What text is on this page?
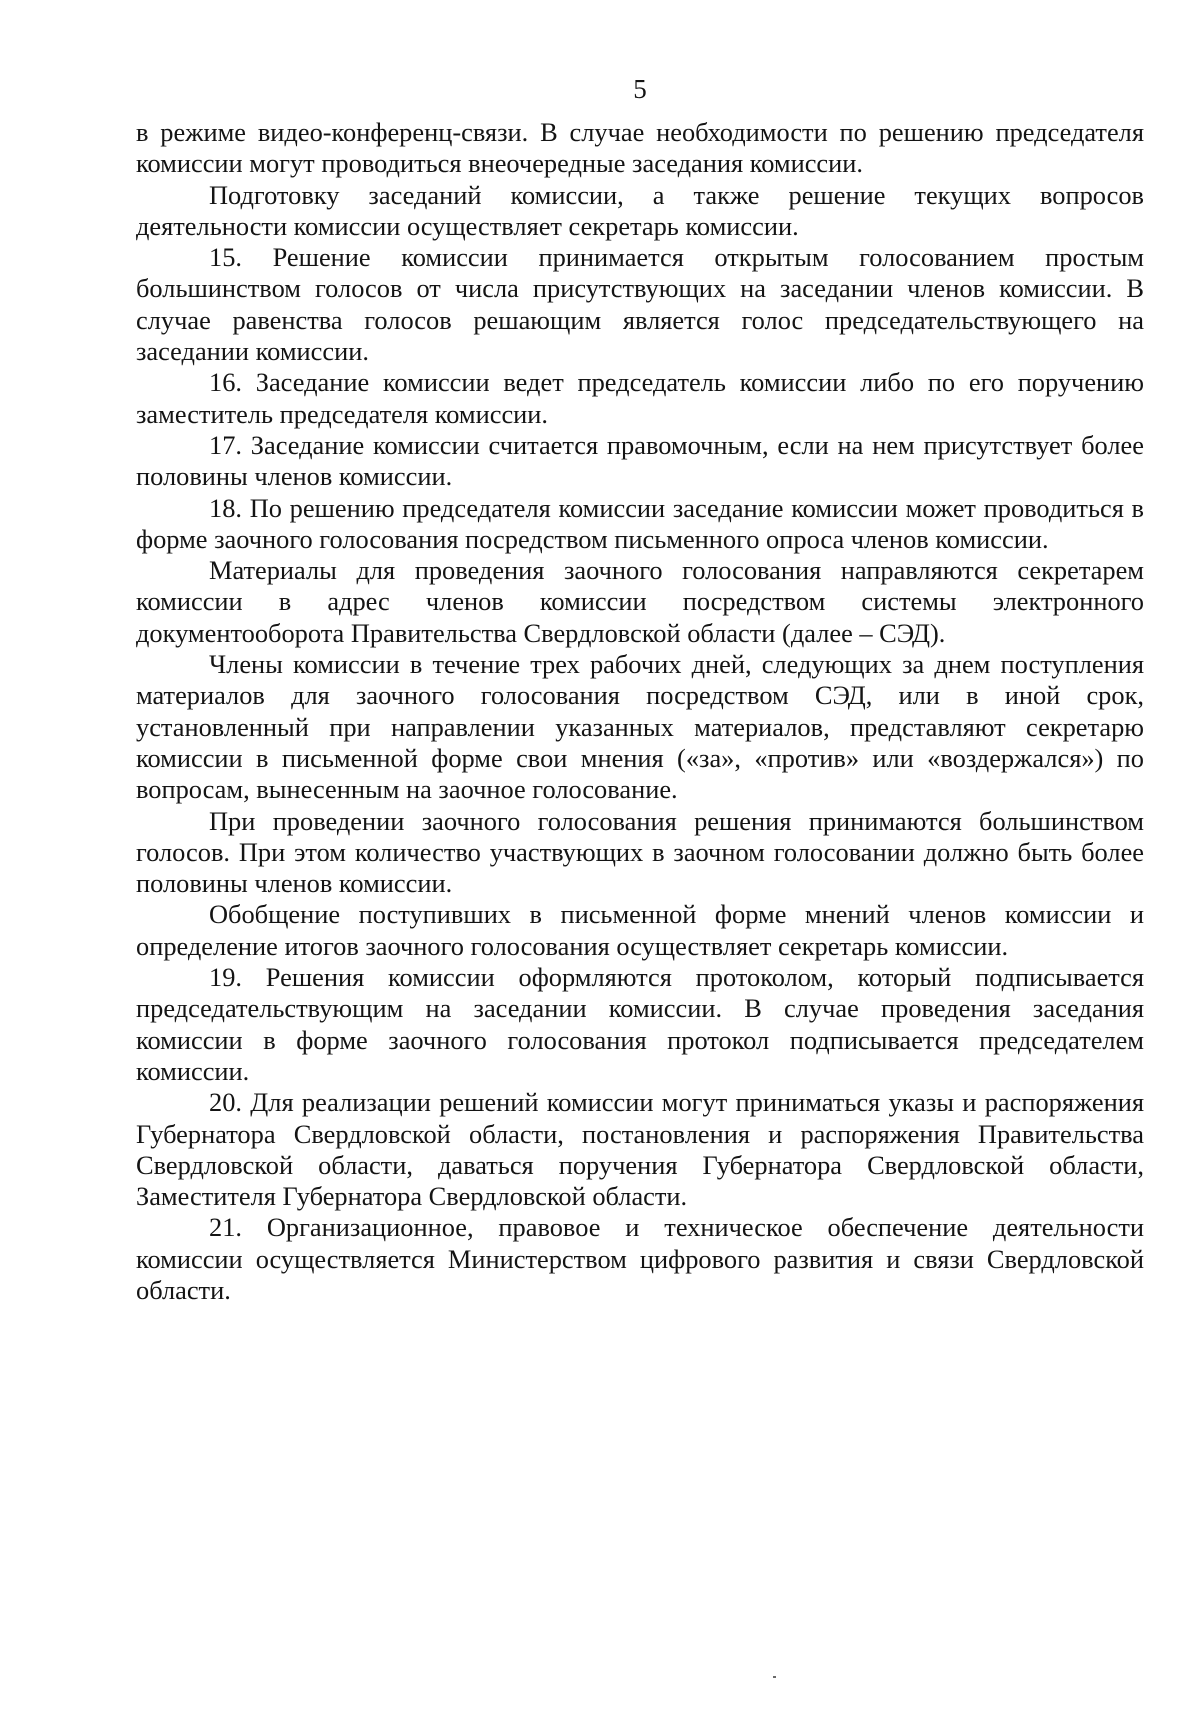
5

в режиме видео-конференц-связи. В случае необходимости по решению председателя комиссии могут проводиться внеочередные заседания комиссии.

Подготовку заседаний комиссии, а также решение текущих вопросов деятельности комиссии осуществляет секретарь комиссии.

15. Решение комиссии принимается открытым голосованием простым большинством голосов от числа присутствующих на заседании членов комиссии. В случае равенства голосов решающим является голос председательствующего на заседании комиссии.

16. Заседание комиссии ведет председатель комиссии либо по его поручению заместитель председателя комиссии.

17. Заседание комиссии считается правомочным, если на нем присутствует более половины членов комиссии.

18. По решению председателя комиссии заседание комиссии может проводиться в форме заочного голосования посредством письменного опроса членов комиссии.

Материалы для проведения заочного голосования направляются секретарем комиссии в адрес членов комиссии посредством системы электронного документооборота Правительства Свердловской области (далее – СЭД).

Члены комиссии в течение трех рабочих дней, следующих за днем поступления материалов для заочного голосования посредством СЭД, или в иной срок, установленный при направлении указанных материалов, представляют секретарю комиссии в письменной форме свои мнения («за», «против» или «воздержался») по вопросам, вынесенным на заочное голосование.

При проведении заочного голосования решения принимаются большинством голосов. При этом количество участвующих в заочном голосовании должно быть более половины членов комиссии.

Обобщение поступивших в письменной форме мнений членов комиссии и определение итогов заочного голосования осуществляет секретарь комиссии.

19. Решения комиссии оформляются протоколом, который подписывается председательствующим на заседании комиссии. В случае проведения заседания комиссии в форме заочного голосования протокол подписывается председателем комиссии.

20. Для реализации решений комиссии могут приниматься указы и распоряжения Губернатора Свердловской области, постановления и распоряжения Правительства Свердловской области, даваться поручения Губернатора Свердловской области, Заместителя Губернатора Свердловской области.

21. Организационное, правовое и техническое обеспечение деятельности комиссии осуществляется Министерством цифрового развития и связи Свердловской области.
